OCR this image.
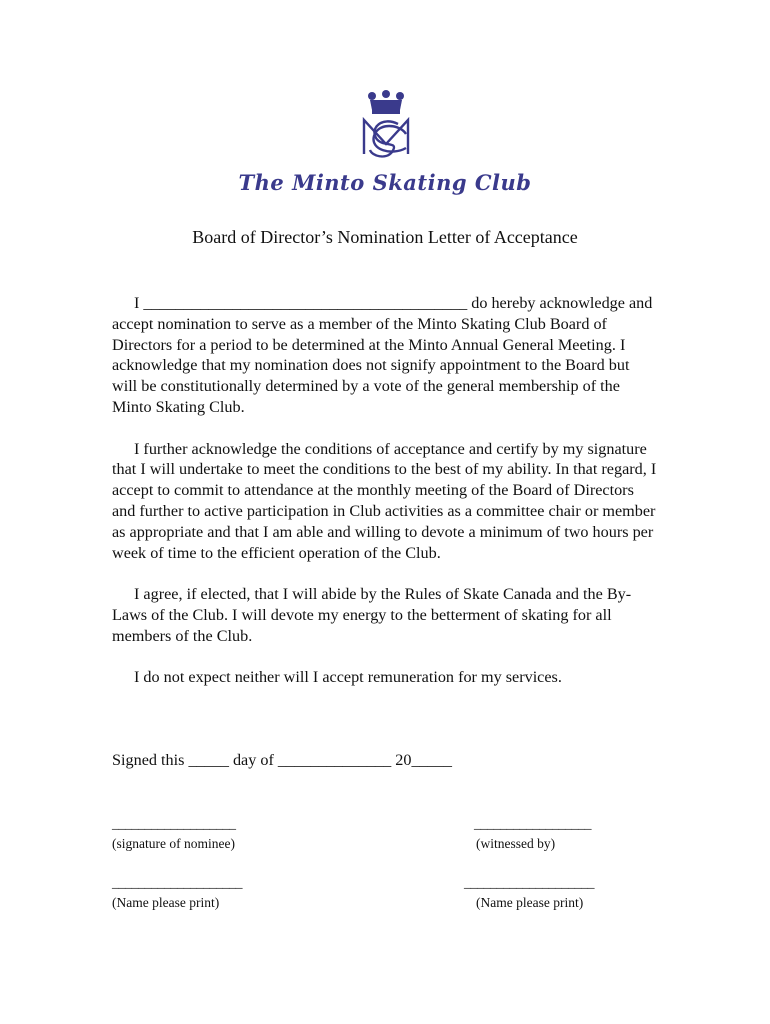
The Minto Skating Club
Board of Director’s Nomination Letter of Acceptance

I ________________________________________ do hereby acknowledge and accept nomination to serve as a member of the Minto Skating Club Board of Directors for a period to be determined at the Minto Annual General Meeting. I acknowledge that my nomination does not signify appointment to the Board but will be constitutionally determined by a vote of the general membership of the Minto Skating Club.

I further acknowledge the conditions of acceptance and certify by my signature that I will undertake to meet the conditions to the best of my ability. In that regard, I accept to commit to attendance at the monthly meeting of the Board of Directors and further to active participation in Club activities as a committee chair or member as appropriate and that I am able and willing to devote a minimum of two hours per week of time to the efficient operation of the Club.

I agree, if elected, that I will abide by the Rules of Skate Canada and the By-Laws of the Club. I will devote my energy to the betterment of skating for all members of the Club.

I do not expect neither will I accept remuneration for my services.

Signed this _____ day of ______________ 20_____
___________________
(signature of nominee)
__________________
(witnessed by)
____________________
(Name please print)
____________________
(Name please print)
